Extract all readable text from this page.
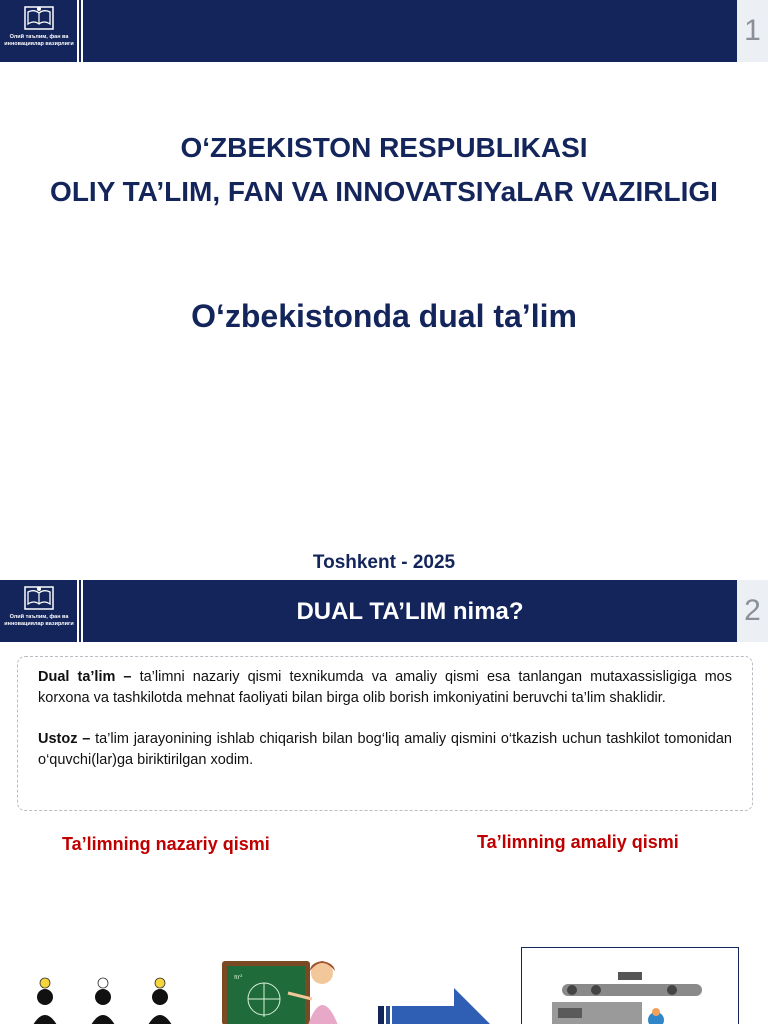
Олий таълим, фан ва инновациялар вазирлиги	1
O‘ZBEKISTON RESPUBLIKASI
OLIY TA’LIM, FAN VA INNOVATSIYaLAR VAZIRLIGI
O‘zbekistonda dual ta’lim
Toshkent - 2025
Олий таълим, фан ва инновациялар вазирлиги	DUAL TA’LIM nima?	2

Dual ta’lim – ta’limni nazariy qismi texnikumda va amaliy qismi esa tanlangan mutaxassisligiga mos korxona va tashkilotda mehnat faoliyati bilan birga olib borish imkoniyatini beruvchi ta’lim shaklidir.

Ustoz – ta’lim jarayonining ishlab chiqarish bilan bog‘liq amaliy qismini o‘tkazish uchun tashkilot tomonidan o‘quvchi(lar)ga biriktirilgan xodim.

Ta’limning nazariy qismi	Ta’limning amaliy qismi
πr²
